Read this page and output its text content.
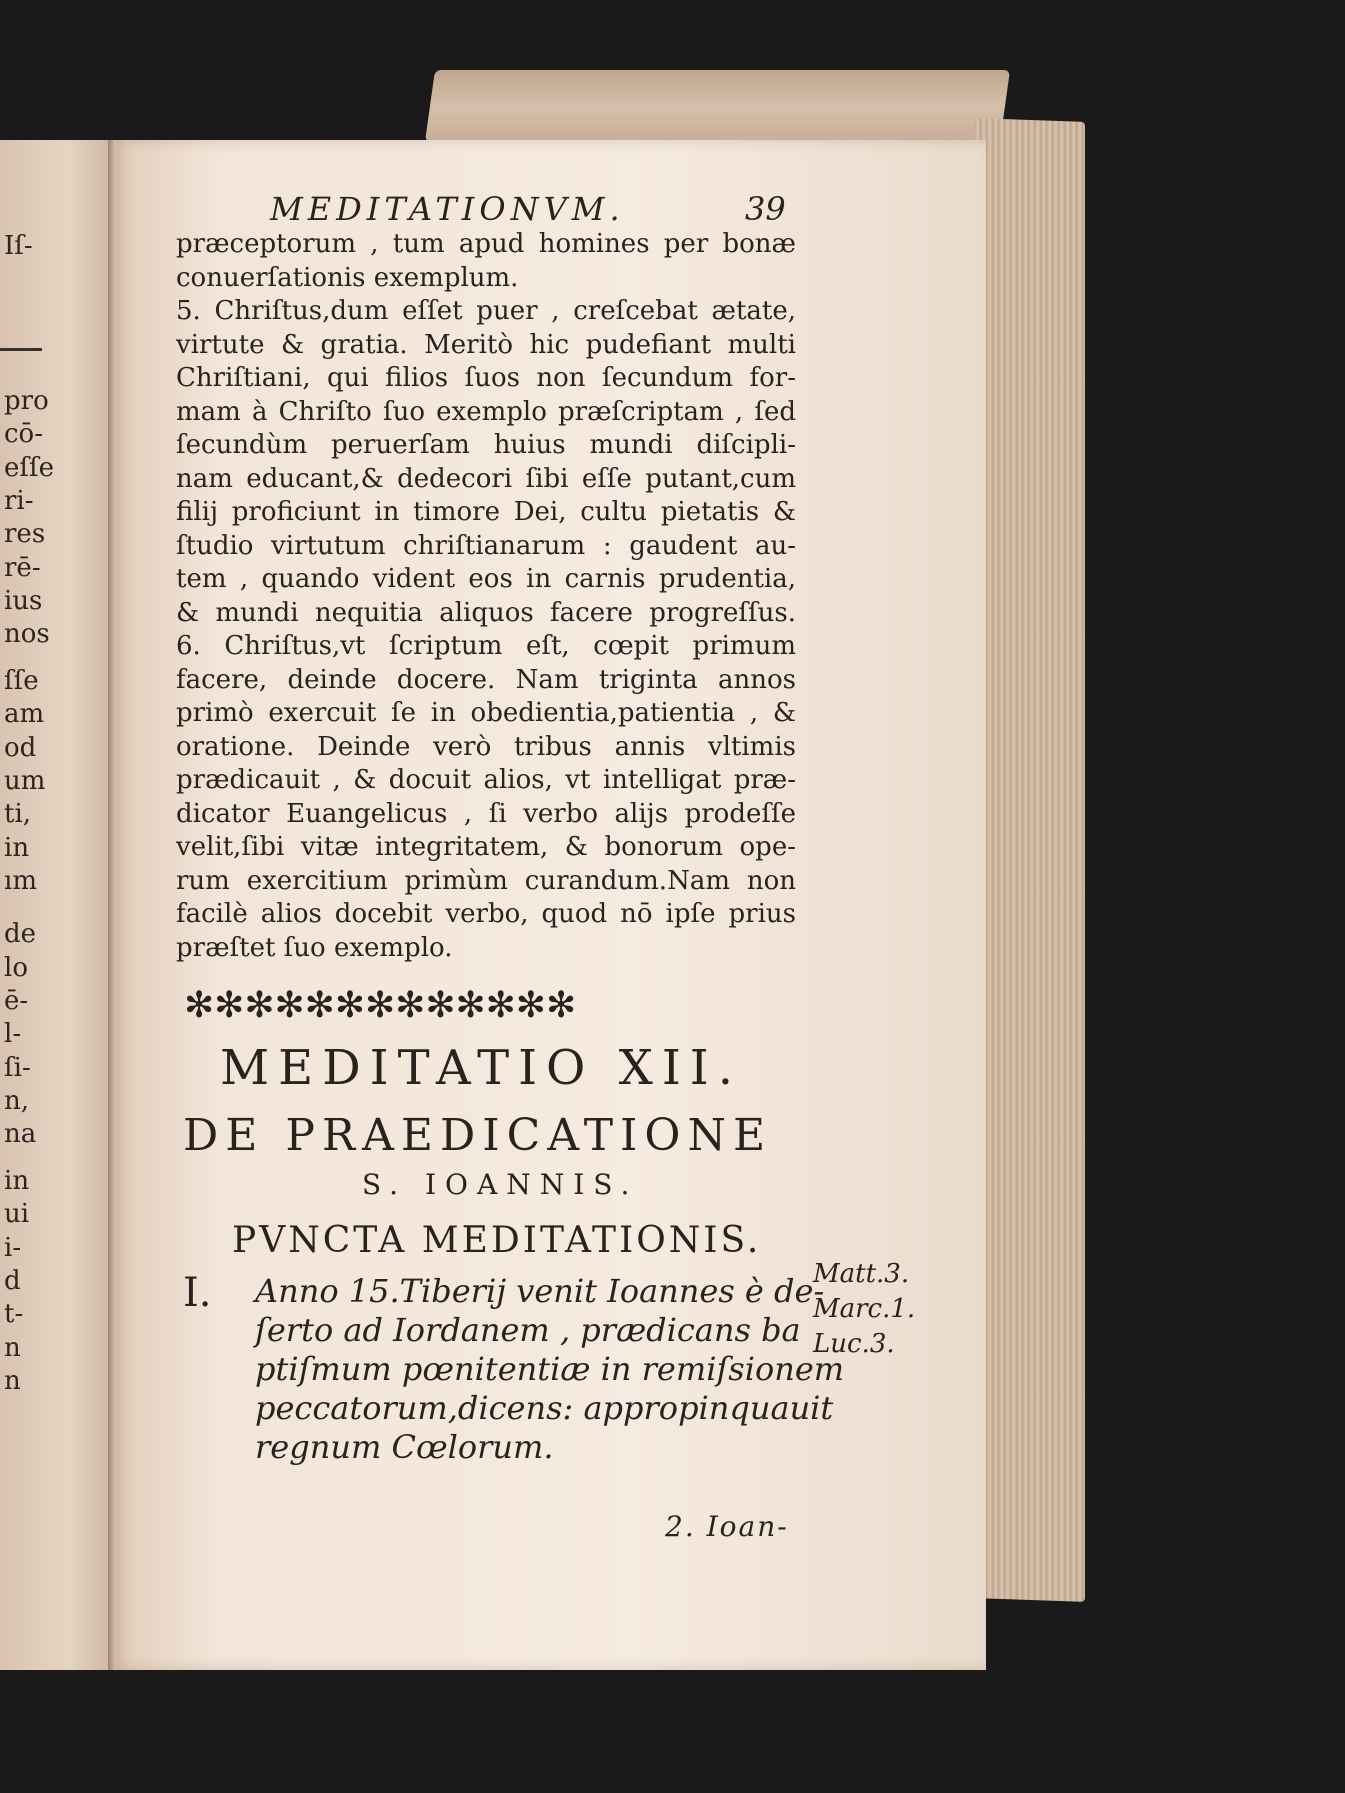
Iſ-
pro
cō-
eſſe
ri-
res
rē-
ius
nos
ſſe
am
od
um
ti,
in
ım
de
lo
ē-
l-
ſi-
n,
na
in
ui
i-
d
t-
n
n
MEDITATIONVM.	39
præceptorum , tum apud homines per bonæ
conuerſationis exemplum.
5. Chriſtus,dum eſſet puer , creſcebat ætate,
virtute & gratia. Meritò hic pudefiant multi
Chriſtiani, qui filios ſuos non ſecundum for-
mam à Chriſto ſuo exemplo præſcriptam , ſed
ſecundùm peruerſam huius mundi diſcipli-
nam educant,& dedecori ſibi eſſe putant,cum
filij proficiunt in timore Dei, cultu pietatis &
ſtudio virtutum chriſtianarum : gaudent au-
tem , quando vident eos in carnis prudentia,
& mundi nequitia aliquos facere progreſſus.
6. Chriſtus,vt ſcriptum eſt, cœpit primum
facere, deinde docere. Nam triginta annos
primò exercuit ſe in obedientia,patientia , &
oratione. Deinde verò tribus annis vltimis
prædicauit , & docuit alios, vt intelligat præ-
dicator Euangelicus , ſi verbo alijs prodeſſe
velit,ſibi vitæ integritatem, & bonorum ope-
rum exercitium primùm curandum.Nam non
facilè alios docebit verbo, quod nō ipſe prius
præſtet ſuo exemplo.
✻✻✻✻✻✻✻✻✻✻✻✻✻
MEDITATIO XII.
DE PRAEDICATIONE
S. IOANNIS.
PVNCTA MEDITATIONIS.
I. Anno 15.Tiberij venit Ioannes è de-
ſerto ad Iordanem , prædicans ba
ptiſmum pœnitentiæ in remiſsionem
peccatorum,dicens: appropinquauit
regnum Cœlorum.
Matt.3.
Marc.1.
Luc.3.
2. Ioan-
